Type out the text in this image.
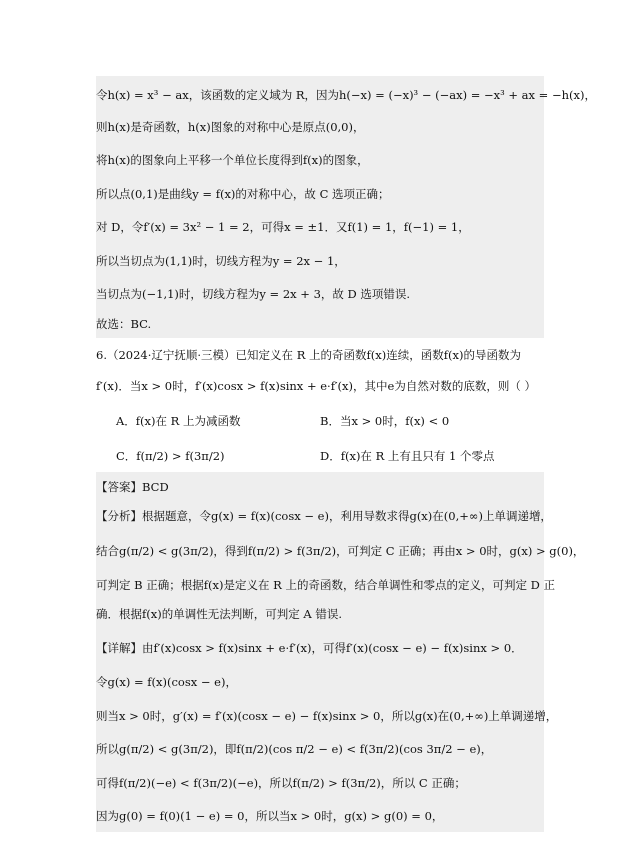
令h(x) = x³ − ax，该函数的定义域为 R，因为h(−x) = (−x)³ − (−ax) = −x³ + ax = −h(x)，
则h(x)是奇函数，h(x)图象的对称中心是原点(0,0)，
将h(x)的图象向上平移一个单位长度得到f(x)的图象，
所以点(0,1)是曲线y = f(x)的对称中心，故 C 选项正确；
对 D，令f′(x) = 3x² − 1 = 2，可得x = ±1．又f(1) = 1，f(−1) = 1，
所以当切点为(1,1)时，切线方程为y = 2x − 1，
当切点为(−1,1)时，切线方程为y = 2x + 3，故 D 选项错误.
故选：BC.
6.（2024·辽宁抚顺·三模）已知定义在 R 上的奇函数f(x)连续，函数f(x)的导函数为
f′(x)．当x > 0时，f′(x)cosx > f(x)sinx + e·f′(x)，其中e为自然对数的底数，则（ ）
A．f(x)在 R 上为减函数	B．当x > 0时，f(x) < 0
C．f(π/2) > f(3π/2)	D．f(x)在 R 上有且只有 1 个零点
【答案】BCD
【分析】根据题意，令g(x) = f(x)(cosx − e)，利用导数求得g(x)在(0,+∞)上单调递增，
结合g(π/2) < g(3π/2)，得到f(π/2) > f(3π/2)，可判定 C 正确；再由x > 0时，g(x) > g(0)，
可判定 B 正确；根据f(x)是定义在 R 上的奇函数，结合单调性和零点的定义，可判定 D 正
确．根据f(x)的单调性无法判断，可判定 A 错误.
【详解】由f′(x)cosx > f(x)sinx + e·f′(x)，可得f′(x)(cosx − e) − f(x)sinx > 0．
令g(x) = f(x)(cosx − e)，
则当x > 0时，g′(x) = f′(x)(cosx − e) − f(x)sinx > 0，所以g(x)在(0,+∞)上单调递增，
所以g(π/2) < g(3π/2)，即f(π/2)(cos π/2 − e) < f(3π/2)(cos 3π/2 − e)，
可得f(π/2)(−e) < f(3π/2)(−e)，所以f(π/2) > f(3π/2)，所以 C 正确；
因为g(0) = f(0)(1 − e) = 0，所以当x > 0时，g(x) > g(0) = 0，
